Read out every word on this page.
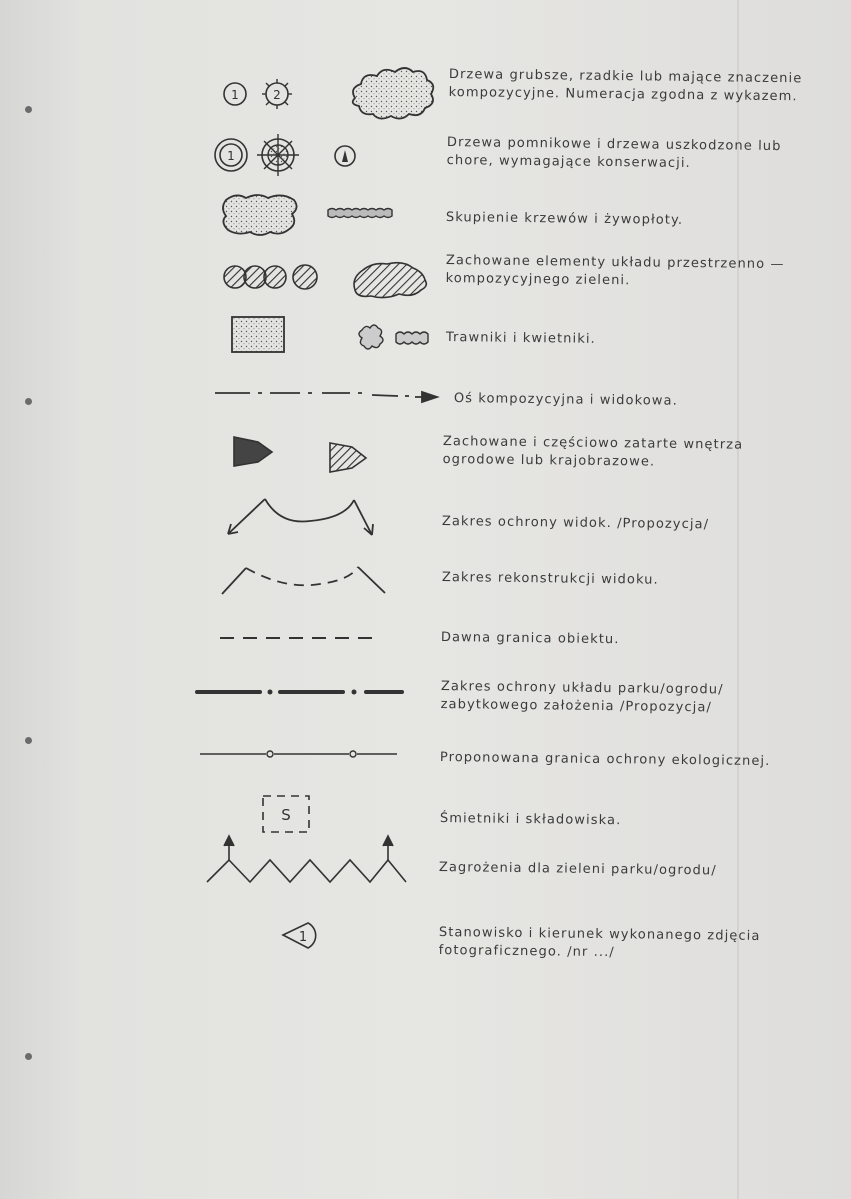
1	2
1
S
1
Drzewa grubsze, rzadkie lub mające znaczenie
kompozycyjne. Numeracja zgodna z wykazem.
Drzewa pomnikowe i drzewa uszkodzone lub
chore, wymagające konserwacji.
Skupienie krzewów i żywopłoty.
Zachowane elementy układu przestrzenno —
kompozycyjnego zieleni.
Trawniki i kwietniki.
Oś kompozycyjna i widokowa.
Zachowane i częściowo zatarte wnętrza
ogrodowe lub krajobrazowe.
Zakres ochrony widok. /Propozycja/
Zakres rekonstrukcji widoku.
Dawna granica obiektu.
Zakres ochrony układu parku/ogrodu/
zabytkowego założenia /Propozycja/
Proponowana granica ochrony ekologicznej.
Śmietniki i składowiska.
Zagrożenia dla zieleni parku/ogrodu/
Stanowisko i kierunek wykonanego zdjęcia
fotograficznego. /nr .../
